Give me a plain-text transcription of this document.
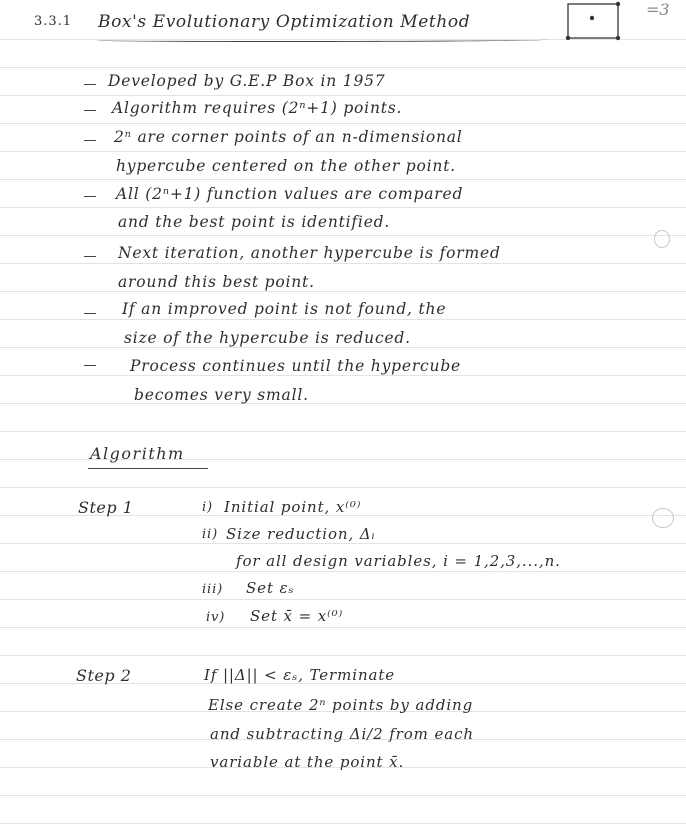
3.3.1 Box's Evolutionary Optimization Method
=3
Developed by G.E.P Box in 1957
Algorithm requires (2ⁿ+1) points.
2ⁿ are corner points of an n-dimensional
hypercube centered on the other point.
All (2ⁿ+1) function values are compared
and the best point is identified.
Next iteration, another hypercube is formed
around this best point.
If an improved point is not found, the
size of the hypercube is reduced.
Process continues until the hypercube
becomes very small.
Algorithm
Step 1	i) Initial point, x⁽⁰⁾
ii) Size reduction, Δᵢ
for all design variables, i = 1,2,3,...,n.
iii) Set εₛ
iv) Set x̄ = x⁽⁰⁾
Step 2	If ||Δ|| < εₛ, Terminate
Else create 2ⁿ points by adding
and subtracting Δi/2 from each
variable at the point x̄.
